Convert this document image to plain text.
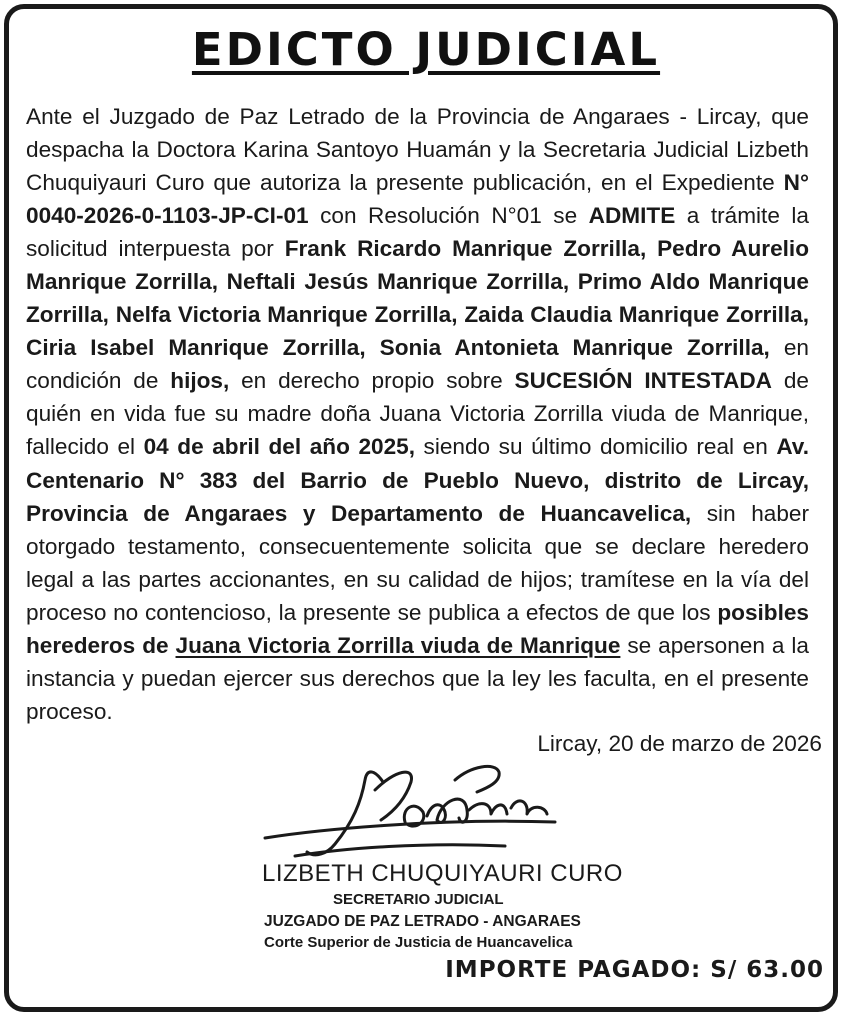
EDICTO JUDICIAL
Ante el Juzgado de Paz Letrado de la Provincia de Angaraes - Lircay, que despacha la Doctora Karina Santoyo Huamán y la Secretaria Judicial Lizbeth Chuquiyauri Curo que autoriza la presente publicación, en el Expediente N° 0040-2026-0-1103-JP-CI-01 con Resolución N°01 se ADMITE a trámite la solicitud interpuesta por Frank Ricardo Manrique Zorrilla, Pedro Aurelio Manrique Zorrilla, Neftali Jesús Manrique Zorrilla, Primo Aldo Manrique Zorrilla, Nelfa Victoria Manrique Zorrilla, Zaida Claudia Manrique Zorrilla, Ciria Isabel Manrique Zorrilla, Sonia Antonieta Manrique Zorrilla, en condición de hijos, en derecho propio sobre SUCESIÓN INTESTADA de quién en vida fue su madre doña Juana Victoria Zorrilla viuda de Manrique, fallecido el 04 de abril del año 2025, siendo su último domicilio real en Av. Centenario N° 383 del Barrio de Pueblo Nuevo, distrito de Lircay, Provincia de Angaraes y Departamento de Huancavelica, sin haber otorgado testamento, consecuentemente solicita que se declare heredero legal a las partes accionantes, en su calidad de hijos; tramítese en la vía del proceso no contencioso, la presente se publica a efectos de que los posibles herederos de Juana Victoria Zorrilla viuda de Manrique se apersonen a la instancia y puedan ejercer sus derechos que la ley les faculta, en el presente proceso.
Lircay, 20 de marzo de 2026
LIZBETH CHUQUIYAURI CURO
SECRETARIO JUDICIAL
JUZGADO DE PAZ LETRADO - ANGARAES
Corte Superior de Justicia de Huancavelica
IMPORTE PAGADO: S/ 63.00
